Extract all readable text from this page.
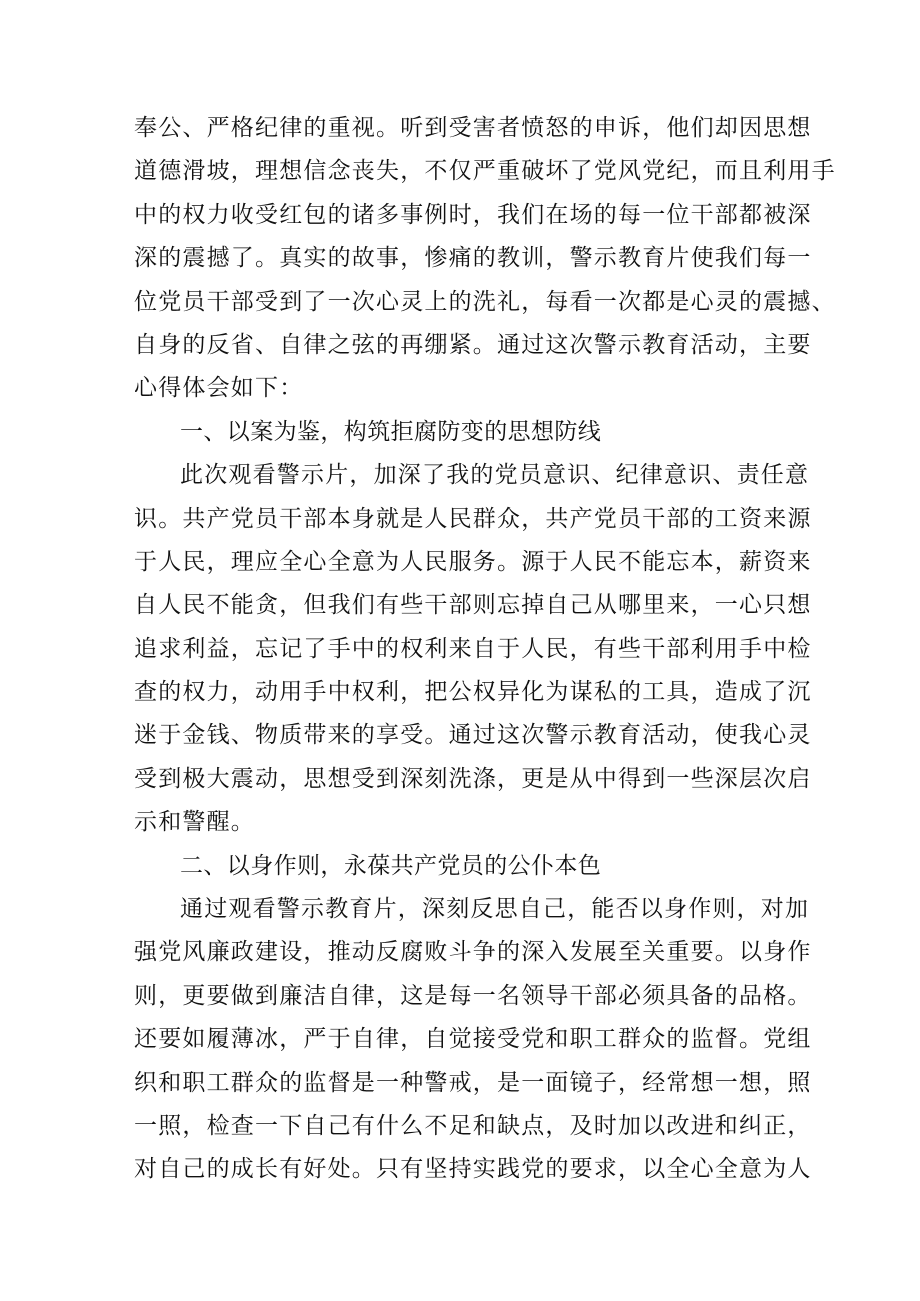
奉公、严格纪律的重视。听到受害者愤怒的申诉，他们却因思想
道德滑坡，理想信念丧失，不仅严重破坏了党风党纪，而且利用手
中的权力收受红包的诸多事例时，我们在场的每一位干部都被深
深的震撼了。真实的故事，惨痛的教训，警示教育片使我们每一
位党员干部受到了一次心灵上的洗礼，每看一次都是心灵的震撼、
自身的反省、自律之弦的再绷紧。通过这次警示教育活动，主要
心得体会如下：
一、以案为鉴，构筑拒腐防变的思想防线
此次观看警示片，加深了我的党员意识、纪律意识、责任意
识。共产党员干部本身就是人民群众，共产党员干部的工资来源
于人民，理应全心全意为人民服务。源于人民不能忘本，薪资来
自人民不能贪，但我们有些干部则忘掉自己从哪里来，一心只想
追求利益，忘记了手中的权利来自于人民，有些干部利用手中检
查的权力，动用手中权利，把公权异化为谋私的工具，造成了沉
迷于金钱、物质带来的享受。通过这次警示教育活动，使我心灵
受到极大震动，思想受到深刻洗涤，更是从中得到一些深层次启
示和警醒。
二、以身作则，永葆共产党员的公仆本色
通过观看警示教育片，深刻反思自己，能否以身作则，对加
强党风廉政建设，推动反腐败斗争的深入发展至关重要。以身作
则，更要做到廉洁自律，这是每一名领导干部必须具备的品格。
还要如履薄冰，严于自律，自觉接受党和职工群众的监督。党组
织和职工群众的监督是一种警戒，是一面镜子，经常想一想，照
一照，检查一下自己有什么不足和缺点，及时加以改进和纠正，
对自己的成长有好处。只有坚持实践党的要求，以全心全意为人
